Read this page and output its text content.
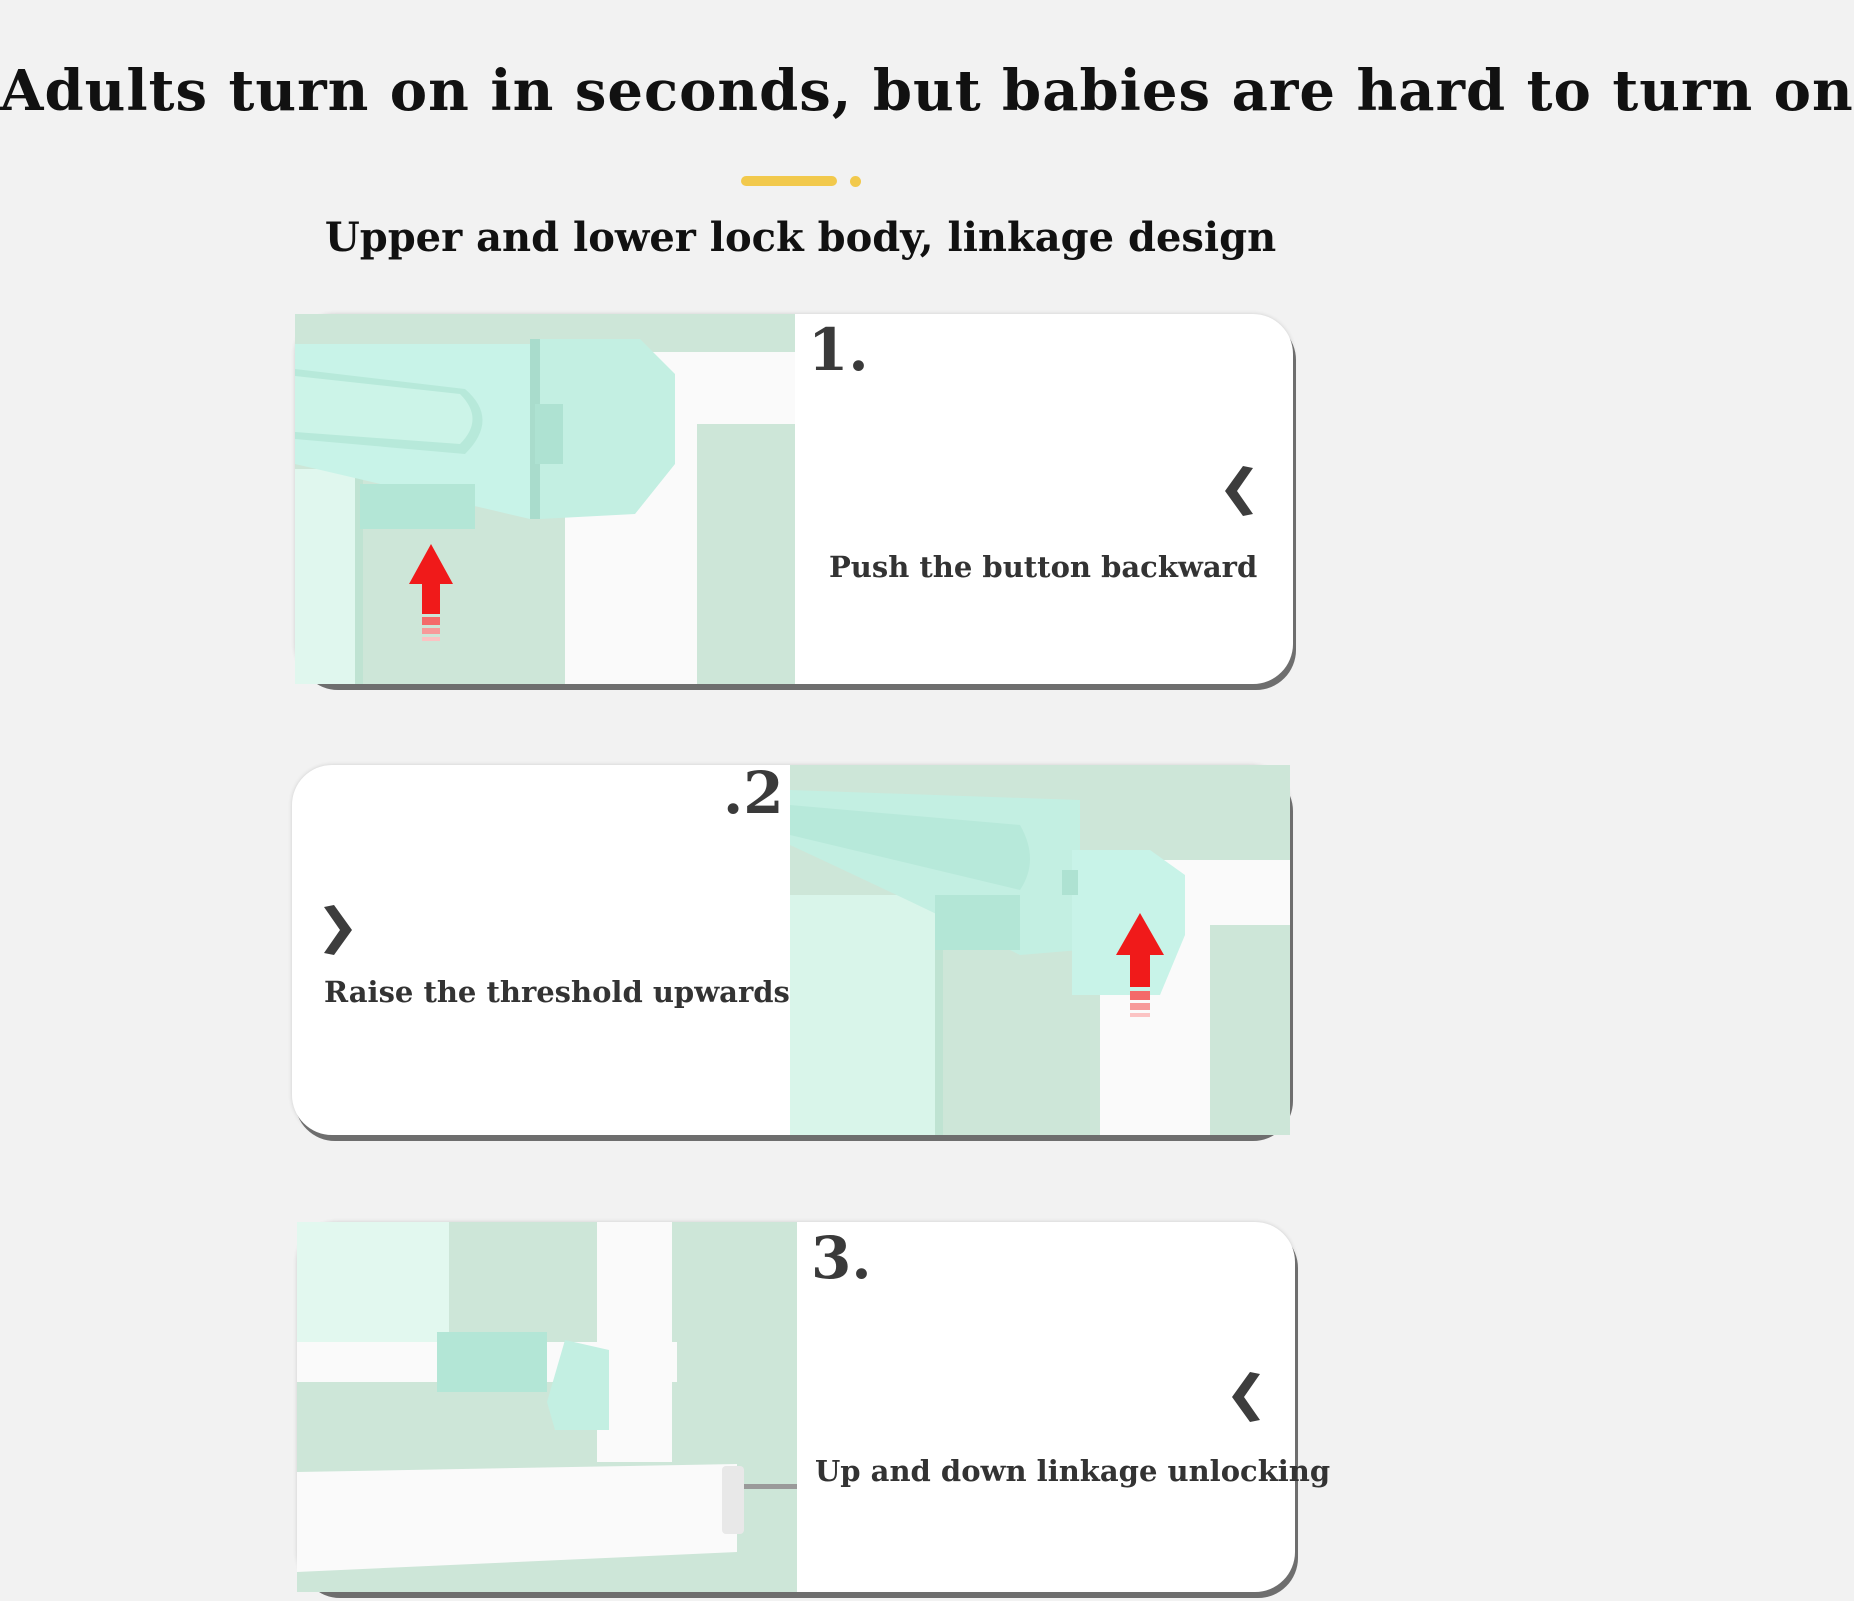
Adults turn on in seconds, but babies are hard to turn on
Upper and lower lock body, linkage design
1.
Push the button backward
.2
Raise the threshold upwards
3.
Up and down linkage unlocking
